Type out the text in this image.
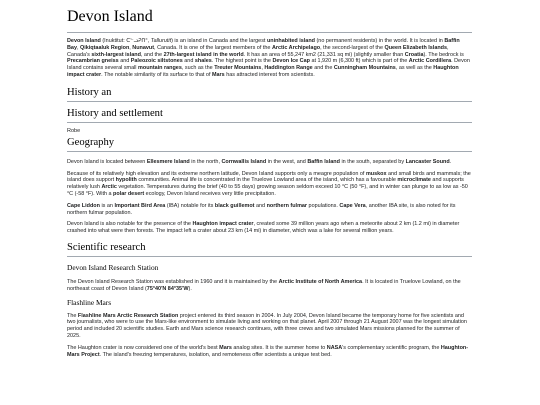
Devon Island

Devon Island (Inuktitut: ᑕᓪᓗᕈᑎᑦ, Tallurutit) is an island in Canada and the largest uninhabited island (no permanent residents) in the world. It is located in Baffin Bay, Qikiqtaaluk Region, Nunavut, Canada. It is one of the largest members of the Arctic Archipelago, the second-largest of the Queen Elizabeth Islands, Canada's sixth-largest island, and the 27th-largest island in the world. It has an area of 55,247 km2 (21,331 sq mi) (slightly smaller than Croatia). The bedrock is Precambrian gneiss and Paleozoic siltstones and shales. The highest point is the Devon Ice Cap at 1,920 m (6,300 ft) which is part of the Arctic Cordillera. Devon Island contains several small mountain ranges, such as the Treuter Mountains, Haddington Range and the Cunningham Mountains, as well as the Haughton impact crater. The notable similarity of its surface to that of Mars has attracted interest from scientists.

History an
History and settlement

Robe

Geography

Devon Island is located between Ellesmere Island in the north, Cornwallis Island in the west, and Baffin Island in the south, separated by Lancaster Sound.

Because of its relatively high elevation and its extreme northern latitude, Devon Island supports only a meagre population of muskox and small birds and mammals; the island does support hypolith communities. Animal life is concentrated in the Truelove Lowland area of the island, which has a favourable microclimate and supports relatively lush Arctic vegetation. Temperatures during the brief (40 to 55 days) growing season seldom exceed 10 °C (50 °F), and in winter can plunge to as low as -50 °C (-58 °F). With a polar desert ecology, Devon Island receives very little precipitation.

Cape Liddon is an Important Bird Area (IBA) notable for its black guillemot and northern fulmar populations. Cape Vera, another IBA site, is also noted for its northern fulmar population.

Devon Island is also notable for the presence of the Haughton impact crater, created some 39 million years ago when a meteorite about 2 km (1.2 mi) in diameter crashed into what were then forests. The impact left a crater about 23 km (14 mi) in diameter, which was a lake for several million years.

Scientific research
Devon Island Research Station

The Devon Island Research Station was established in 1960 and it is maintained by the Arctic Institute of North America. It is located in Truelove Lowland, on the northeast coast of Devon Island (75°40′N 84°35′W).

Flashline Mars

The Flashline Mars Arctic Research Station project entered its third season in 2004. In July 2004, Devon Island became the temporary home for five scientists and two journalists, who were to use the Mars-like environment to simulate living and working on that planet. April 2007 through 21 August 2007 was the longest simulation period and included 20 scientific studies. Earth and Mars science research continues, with three crews and two simulated Mars missions planned for the summer of 2025.

The Haughton crater is now considered one of the world's best Mars analog sites. It is the summer home to NASA's complementary scientific program, the Haughton-Mars Project. The island's freezing temperatures, isolation, and remoteness offer scientists a unique test bed.
